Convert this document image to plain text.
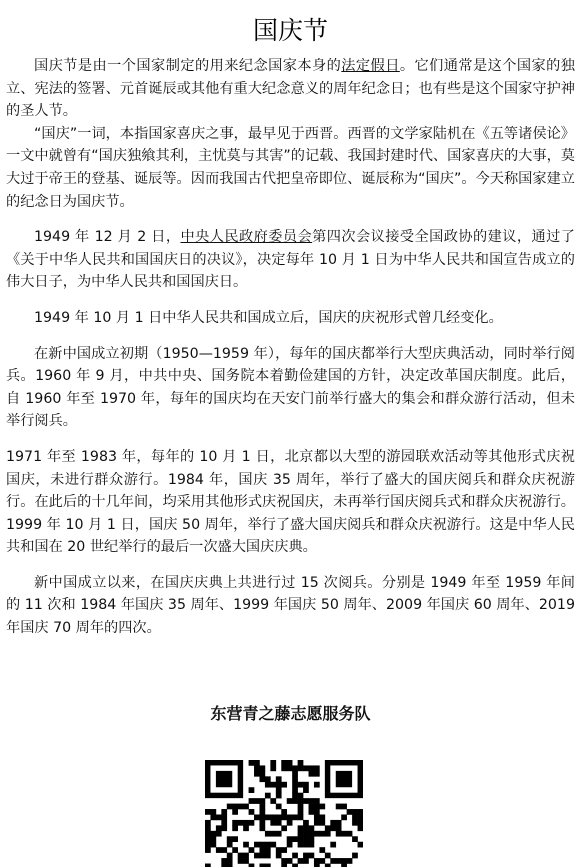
国庆节

国庆节是由一个国家制定的用来纪念国家本身的法定假日。它们通常是这个国家的独立、宪法的签署、元首诞辰或其他有重大纪念意义的周年纪念日；也有些是这个国家守护神的圣人节。

“国庆”一词，本指国家喜庆之事，最早见于西晋。西晋的文学家陆机在《五等诸侯论》一文中就曾有“国庆独飨其利，主忧莫与其害”的记载、我国封建时代、国家喜庆的大事，莫大过于帝王的登基、诞辰等。因而我国古代把皇帝即位、诞辰称为“国庆”。今天称国家建立的纪念日为国庆节。

1949 年 12 月 2 日，中央人民政府委员会第四次会议接受全国政协的建议，通过了《关于中华人民共和国国庆日的决议》，决定每年 10 月 1 日为中华人民共和国宣告成立的伟大日子，为中华人民共和国国庆日。

1949 年 10 月 1 日中华人民共和国成立后，国庆的庆祝形式曾几经变化。

在新中国成立初期（1950—1959 年），每年的国庆都举行大型庆典活动，同时举行阅兵。1960 年 9 月，中共中央、国务院本着勤俭建国的方针，决定改革国庆制度。此后，自 1960 年至 1970 年，每年的国庆均在天安门前举行盛大的集会和群众游行活动，但未举行阅兵。

1971 年至 1983 年，每年的 10 月 1 日，北京都以大型的游园联欢活动等其他形式庆祝国庆，未进行群众游行。1984 年，国庆 35 周年，举行了盛大的国庆阅兵和群众庆祝游行。在此后的十几年间，均采用其他形式庆祝国庆，未再举行国庆阅兵式和群众庆祝游行。1999 年 10 月 1 日，国庆 50 周年，举行了盛大国庆阅兵和群众庆祝游行。这是中华人民共和国在 20 世纪举行的最后一次盛大国庆庆典。

新中国成立以来，在国庆庆典上共进行过 15 次阅兵。分别是 1949 年至 1959 年间的 11 次和 1984 年国庆 35 周年、1999 年国庆 50 周年、2009 年国庆 60 周年、2019 年国庆 70 周年的四次。

东营青之藤志愿服务队
